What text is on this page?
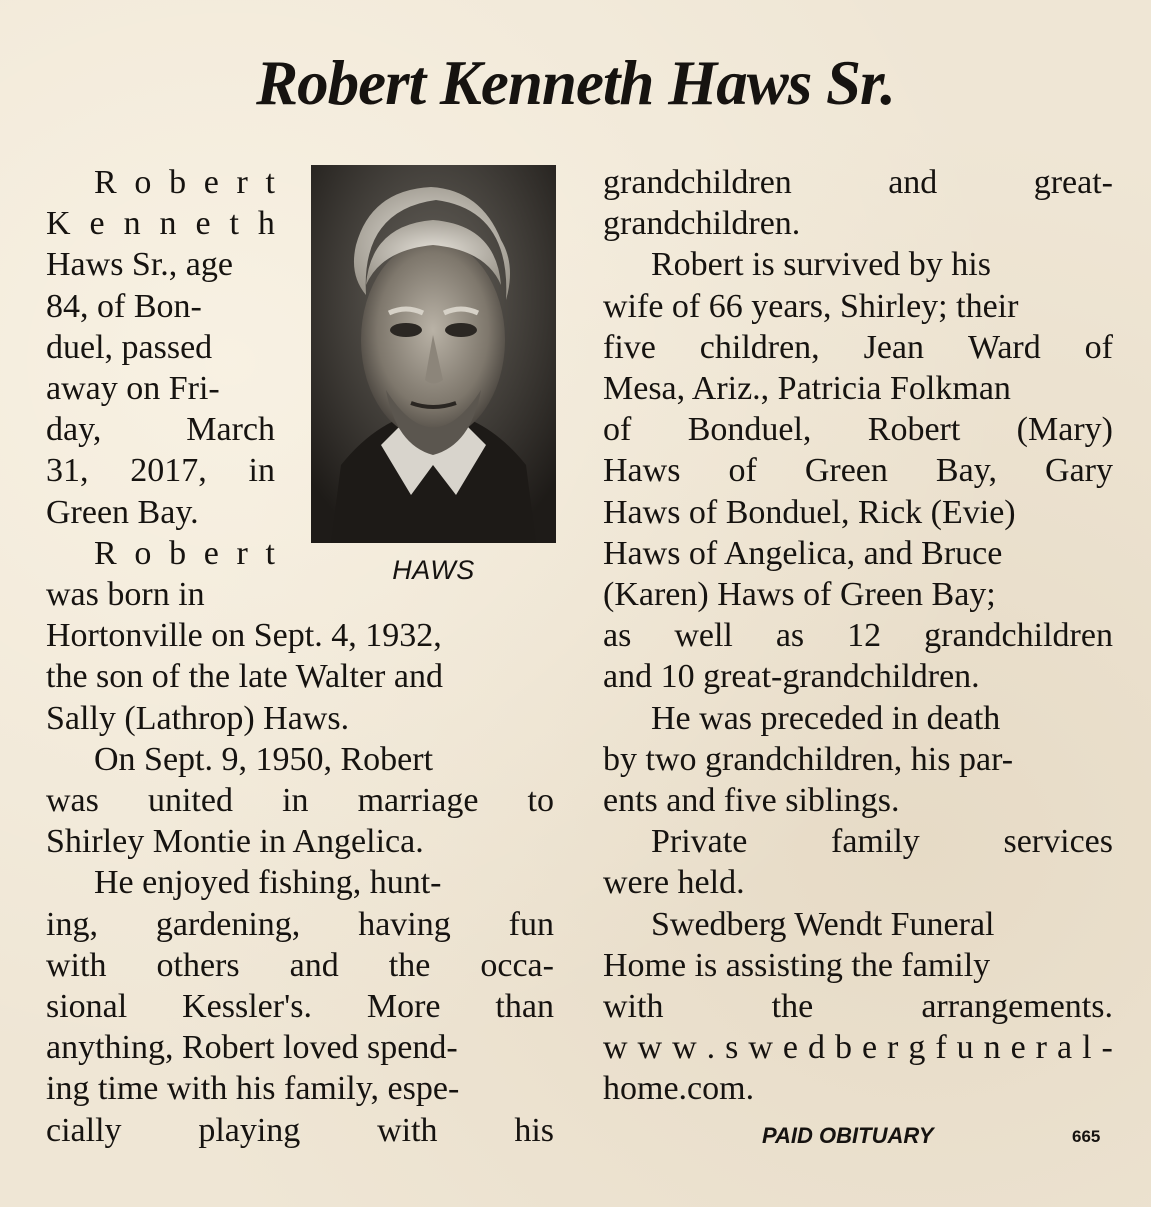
Robert Kenneth Haws Sr.
HAWS
R o b e r t
K e n n e t h
Haws Sr., age
84, of Bon-
duel, passed
away on Fri-
day, March
31, 2017, in
Green Bay.
R o b e r t
was born in
Hortonville on Sept. 4, 1932,
the son of the late Walter and
Sally (Lathrop) Haws.
On Sept. 9, 1950, Robert
was united in marriage to
Shirley Montie in Angelica.
He enjoyed fishing, hunt-
ing, gardening, having fun
with others and the occa-
sional Kessler's. More than
anything, Robert loved spend-
ing time with his family, espe-
cially playing with his
grandchildren	and	great-
grandchildren.
Robert is survived by his
wife of 66 years, Shirley; their
five children, Jean Ward of
Mesa, Ariz., Patricia Folkman
of Bonduel, Robert (Mary)
Haws of Green Bay, Gary
Haws of Bonduel, Rick (Evie)
Haws of Angelica, and Bruce
(Karen) Haws of Green Bay;
as well as 12 grandchildren
and 10 great-grandchildren.
He was preceded in death
by two grandchildren, his par-
ents and five siblings.
Private family services
were held.
Swedberg Wendt Funeral
Home is assisting the family
with	the	arrangements.
w w w . s w e d b e r g f u n e r a l -
home.com.
PAID OBITUARY	665
